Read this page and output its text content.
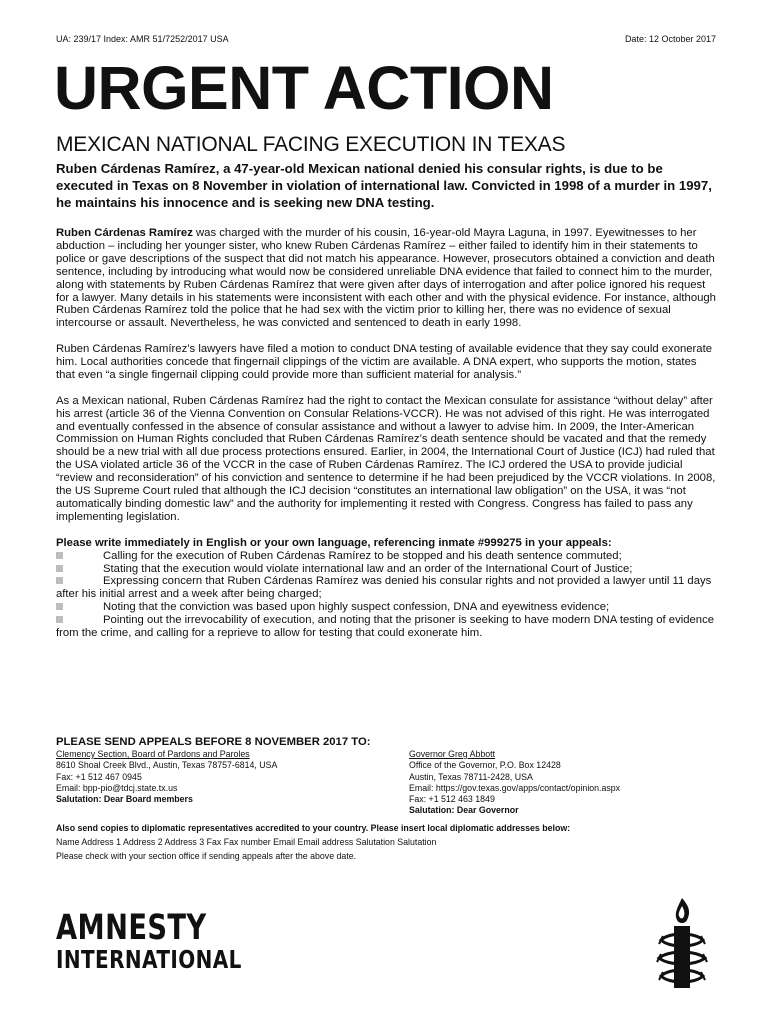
UA: 239/17 Index: AMR 51/7252/2017 USA	Date: 12 October 2017
URGENT ACTION
MEXICAN NATIONAL FACING EXECUTION IN TEXAS
Ruben Cárdenas Ramírez, a 47-year-old Mexican national denied his consular rights, is due to be executed in Texas on 8 November in violation of international law. Convicted in 1998 of a murder in 1997, he maintains his innocence and is seeking new DNA testing.

Ruben Cárdenas Ramírez was charged with the murder of his cousin, 16-year-old Mayra Laguna, in 1997. Eyewitnesses to her abduction – including her younger sister, who knew Ruben Cárdenas Ramírez – either failed to identify him in their statements to police or gave descriptions of the suspect that did not match his appearance. However, prosecutors obtained a conviction and death sentence, including by introducing what would now be considered unreliable DNA evidence that failed to connect him to the murder, along with statements by Ruben Cárdenas Ramírez that were given after days of interrogation and after police ignored his request for a lawyer. Many details in his statements were inconsistent with each other and with the physical evidence. For instance, although Ruben Cárdenas Ramírez told the police that he had sex with the victim prior to killing her, there was no evidence of sexual intercourse or assault. Nevertheless, he was convicted and sentenced to death in early 1998.

Ruben Cárdenas Ramírez’s lawyers have filed a motion to conduct DNA testing of available evidence that they say could exonerate him. Local authorities concede that fingernail clippings of the victim are available. A DNA expert, who supports the motion, states that even “a single fingernail clipping could provide more than sufficient material for analysis.”

As a Mexican national, Ruben Cárdenas Ramírez had the right to contact the Mexican consulate for assistance “without delay” after his arrest (article 36 of the Vienna Convention on Consular Relations-VCCR). He was not advised of this right. He was interrogated and eventually confessed in the absence of consular assistance and without a lawyer to advise him. In 2009, the Inter-American Commission on Human Rights concluded that Ruben Cárdenas Ramírez’s death sentence should be vacated and that the remedy should be a new trial with all due process protections ensured. Earlier, in 2004, the International Court of Justice (ICJ) had ruled that the USA violated article 36 of the VCCR in the case of Ruben Cárdenas Ramírez. The ICJ ordered the USA to provide judicial “review and reconsideration” of his conviction and sentence to determine if he had been prejudiced by the VCCR violations. In 2008, the US Supreme Court ruled that although the ICJ decision “constitutes an international law obligation” on the USA, it was “not automatically binding domestic law” and the authority for implementing it rested with Congress. Congress has failed to pass any implementing legislation.

Please write immediately in English or your own language, referencing inmate #999275 in your appeals:
Calling for the execution of Ruben Cárdenas Ramírez to be stopped and his death sentence commuted;
Stating that the execution would violate international law and an order of the International Court of Justice;
Expressing concern that Ruben Cárdenas Ramírez was denied his consular rights and not provided a lawyer until 11 days after his initial arrest and a week after being charged;
Noting that the conviction was based upon highly suspect confession, DNA and eyewitness evidence;
Pointing out the irrevocability of execution, and noting that the prisoner is seeking to have modern DNA testing of evidence from the crime, and calling for a reprieve to allow for testing that could exonerate him.
PLEASE SEND APPEALS BEFORE 8 NOVEMBER 2017 TO:
Clemency Section, Board of Pardons and Paroles
8610 Shoal Creek Blvd., Austin, Texas 78757-6814, USA
Fax: +1 512 467 0945
Email: bpp-pio@tdcj.state.tx.us
Salutation: Dear Board members
Governor Greg Abbott
Office of the Governor, P.O. Box 12428
Austin, Texas 78711-2428, USA
Email: https://gov.texas.gov/apps/contact/opinion.aspx
Fax: +1 512 463 1849
Salutation: Dear Governor
Also send copies to diplomatic representatives accredited to your country. Please insert local diplomatic addresses below:
Name Address 1 Address 2 Address 3 Fax Fax number Email Email address Salutation Salutation
Please check with your section office if sending appeals after the above date.
AMNESTY
INTERNATIONAL
